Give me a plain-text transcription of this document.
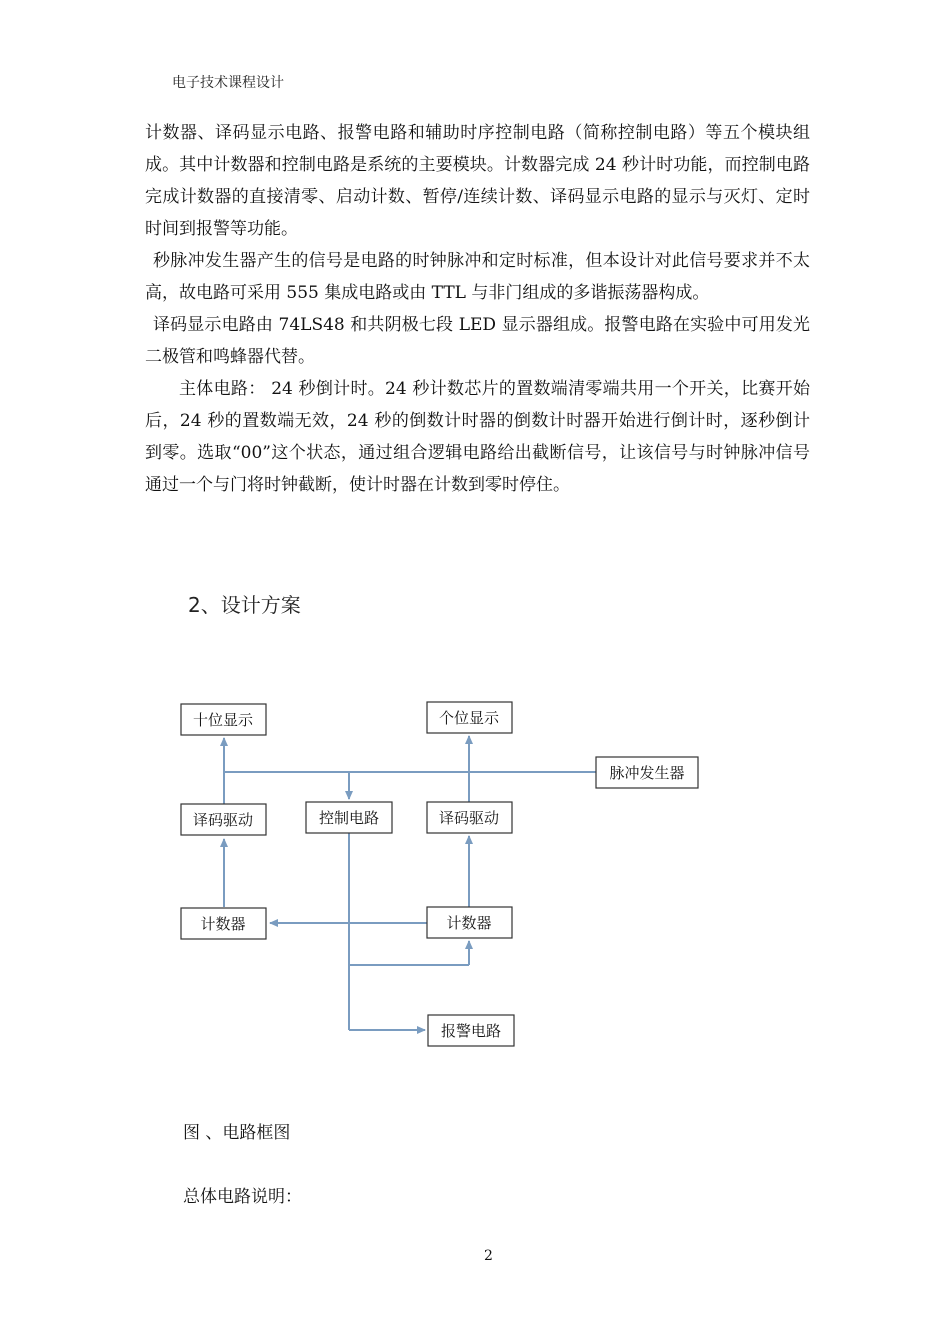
电子技术课程设计

计数器、译码显示电路、报警电路和辅助时序控制电路（简称控制电路）等五个模块组成。其中计数器和控制电路是系统的主要模块。计数器完成 24 秒计时功能，而控制电路完成计数器的直接清零、启动计数、暂停/连续计数、译码显示电路的显示与灭灯、定时时间到报警等功能。

秒脉冲发生器产生的信号是电路的时钟脉冲和定时标准，但本设计对此信号要求并不太高，故电路可采用 555 集成电路或由 TTL 与非门组成的多谐振荡器构成。

译码显示电路由 74LS48 和共阴极七段 LED 显示器组成。报警电路在实验中可用发光二极管和鸣蜂器代替。

主体电路： 24 秒倒计时。24 秒计数芯片的置数端清零端共用一个开关，比赛开始后，24 秒的置数端无效，24 秒的倒数计时器的倒数计时器开始进行倒计时，逐秒倒计到零。选取“00”这个状态，通过组合逻辑电路给出截断信号，让该信号与时钟脉冲信号通过一个与门将时钟截断，使计时器在计数到零时停住。

2、设计方案
十位显示	个位显示
脉冲发生器
译码驱动	控制电路	译码驱动
计数器	计数器
报警电路
图 、电路框图
总体电路说明：
2
